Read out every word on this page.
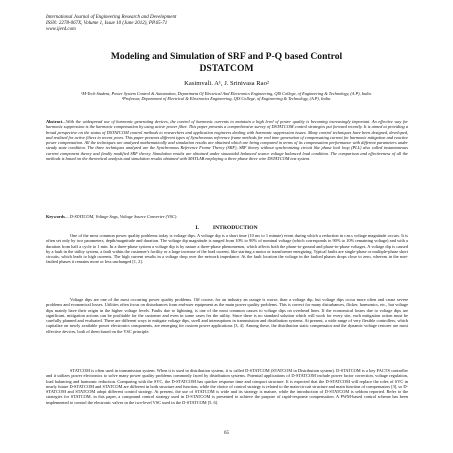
International Journal of Engineering Research and Development
ISSN: 2278-067X, Volume 1, Issue 10 (June 2012), PP.65-71
www.ijerd.com
Modeling and Simulation of SRF and P-Q based Control
DSTATCOM
Kasimvali. A¹, J. Srinivasa Rao²
¹M-Tech Student, Power System Control & Automation, Department Of Electrical And Electronics Engineering, QIS College, of Engineering & Technology, (A.P), India.
²Professor, Department of Electrical & Electronics Engineering, QIS College, of Engineering & Technology, (A.P), India.
Abstract—With the widespread use of harmonic generating devices, the control of harmonic currents to maintain a high level of power quality is becoming increasingly important. An effective way for harmonic suppression is the harmonic compensation by using active power filter. This paper presents a comprehensive survey of DSTATCOM control strategies put forward recently. It is aimed at providing a broad perspective on the status of DSTATCOM control methods to researchers and application engineers dealing with harmonic suppression issues. Many control techniques have been designed, developed, and realized for active filters in recent years. This paper presents different types of Synchronous reference frame methods for real time generation of compensating current for harmonic mitigation and reactive power compensation. All the techniques are analyzed mathematically and simulation results are obtained which are being compared in terms of its compensation performance with different parameters under steady state condition. The three techniques analyzed are the Synchronous Reference Frame Theory (SRF), SRF theory without synchronizing circuit like phase lock loop (PLL) also called instantaneous current component theory and finally modified SRF theory. Simulation results are obtained under sinusoidal balanced source voltage balanced load condition. The comparison and effectiveness of all the methods is based on the theoretical analysis and simulation results obtained with MATLAB employing a three phase three wire DSTATCOM test system.
Keywords— D-STATCOM, Voltage Sags, Voltage Source Converter (VSC).
I.          INTRODUCTION
One of the most common power quality problems today is voltage dips. A voltage dip is a short time (10 ms to 1 minute) event during which a reduction in r.m.s voltage magnitude occurs. It is often set only by two parameters, depth/magnitude and duration. The voltage dip magnitude is ranged from 10% to 90% of nominal voltage (which corresponds to 90% to 10% remaining voltage) and with a duration from half a cycle to 1 min. In a three-phase system a voltage dip is by nature a three-phase phenomenon, which affects both the phase-to-ground and phase-to-phase voltages. A voltage dip is caused by a fault in the utility system, a fault within the customer's facility or a large increase of the load current, like starting a motor or transformer energizing. Typical faults are single-phase or multiple-phase short circuits, which leads to high currents. The high current results in a voltage drop over the network impedance. At the fault location the voltage in the faulted phases drops close to zero, whereas in the non-faulted phases it remains more or less unchanged [1, 2].
Voltage dips are one of the most occurring power quality problems. Off course, for an industry an outage is worse, than a voltage dip, but voltage dips occur more often and cause severe problems and economical losses. Utilities often focus on disturbances from end-user equipment as the main power quality problems. This is correct for many disturbances, flicker, harmonics, etc., but voltage dips mainly have their origin in the higher voltage levels. Faults due to lightning, is one of the most common causes to voltage dips on overhead lines. If the economical losses due to voltage dips are significant, mitigation actions can be profitable for the customer and even in some cases for the utility. Since there is no standard solution which will work for every site, each mitigation action must be carefully planned and evaluated. There are different ways to mitigate voltage dips, swell and interruptions in transmission and distribution systems. At present, a wide range of very flexible controllers, which capitalize on newly available power electronics components, are emerging for custom power applications [3, 4]. Among these, the distribution static compensator and the dynamic voltage restorer are most effective devices, both of them based on the VSC principle.
STATCOM is often used in transmission system. When it is used in distribution system, it is called D-STATCOM (STATCOM in Distribution system). D-STATCOM is a key FACTS controller and it utilizes power electronics to solve many power quality problems commonly faced by distribution systems. Potential applications of D-STATCOM include power factor correction, voltage regulation, load balancing and harmonic reduction. Comparing with the SVC, the D-STATCOM has quicker response time and compact structure. It is expected that the D-STATCOM will replace the roles of SVC in nearly future D-STATCOM and STATCOM are different in both structure and function, while the choice of control strategy is related to the main-circuit structure and main function of compensators [3], so D-STATCOM and STATCOM adopt different control strategy. At present, the use of STATCOM is wide and its strategy is mature, while the introduction of D-STATCOM is seldom reported. Refer to the strategies for STATCOM, in this paper, a compound control strategy used in D-STATCOM is presented to achieve the purpose of rapid-response compensation. A PWM-based control scheme has been implemented to control the electronic valves in the two-level VSC used in the D-STATCOM [5, 6].
65
